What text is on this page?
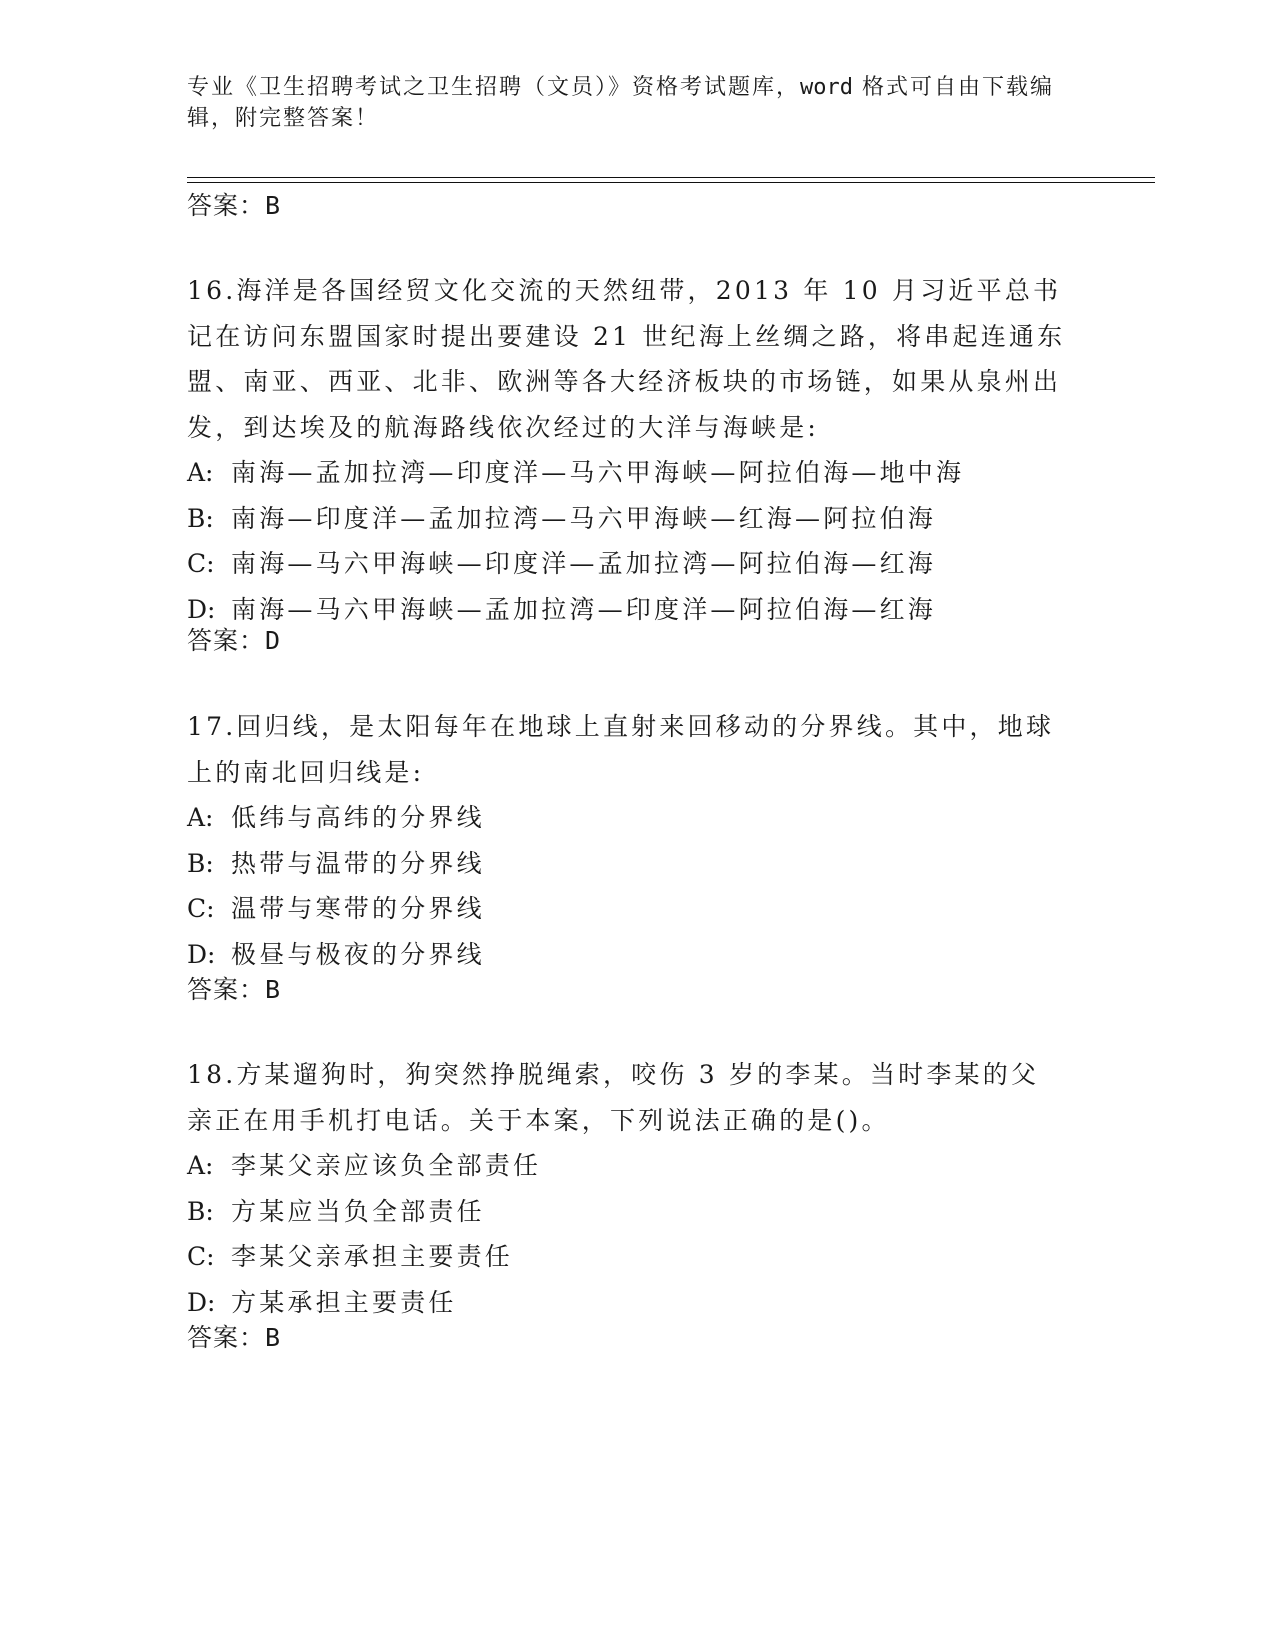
专业《卫生招聘考试之卫生招聘（文员）》资格考试题库，word 格式可自由下载编辑，附完整答案！
答案：B

16.海洋是各国经贸文化交流的天然纽带，2013 年 10 月习近平总书记在访问东盟国家时提出要建设 21 世纪海上丝绸之路，将串起连通东盟、南亚、西亚、北非、欧洲等各大经济板块的市场链，如果从泉州出发，到达埃及的航海路线依次经过的大洋与海峡是:

A: 南海—孟加拉湾—印度洋—马六甲海峡—阿拉伯海—地中海

B: 南海—印度洋—孟加拉湾—马六甲海峡—红海—阿拉伯海

C: 南海—马六甲海峡—印度洋—孟加拉湾—阿拉伯海—红海

D: 南海—马六甲海峡—孟加拉湾—印度洋—阿拉伯海—红海

答案：D

17.回归线，是太阳每年在地球上直射来回移动的分界线。其中，地球上的南北回归线是:

A: 低纬与高纬的分界线

B: 热带与温带的分界线

C: 温带与寒带的分界线

D: 极昼与极夜的分界线

答案：B

18.方某遛狗时，狗突然挣脱绳索，咬伤 3 岁的李某。当时李某的父亲正在用手机打电话。关于本案，下列说法正确的是()。

A: 李某父亲应该负全部责任

B: 方某应当负全部责任

C: 李某父亲承担主要责任

D: 方某承担主要责任

答案：B
